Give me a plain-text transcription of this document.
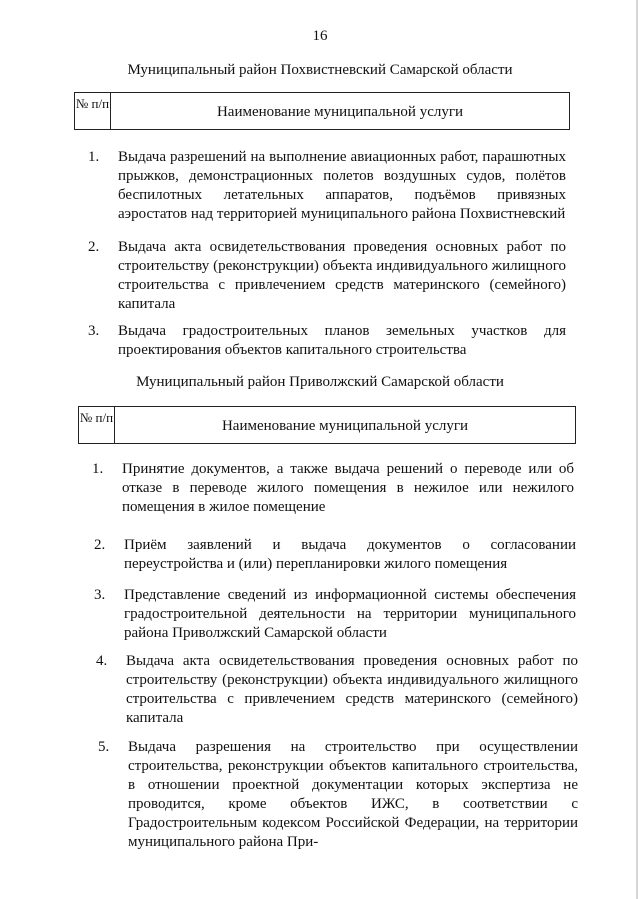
16
Муниципальный район Похвистневский Самарской области
№ п/п
Наименование муниципальной услуги
1.	Выдача разрешений на выполнение авиационных работ, парашютных прыжков, демонстрационных полетов воздушных судов, полётов беспилотных летательных аппаратов, подъёмов привязных аэростатов над территорией муниципального района Похвистневский
2.	Выдача акта освидетельствования проведения основных работ по строительству (реконструкции) объекта индивидуального жилищного строительства с привлечением средств материнского (семейного) капитала
3.	Выдача градостроительных планов земельных участков для проектирования объектов капитального строительства
Муниципальный район Приволжский Самарской области
№ п/п
Наименование муниципальной услуги
1.	Принятие документов, а также выдача решений о переводе или об отказе в переводе жилого помещения в нежилое или нежилого помещения в жилое помещение
2.	Приём заявлений и выдача документов о согласовании переустройства и (или) перепланировки жилого помещения
3.	Представление сведений из информационной системы обеспечения градостроительной деятельности на территории муниципального района Приволжский Самарской области
4.	Выдача акта освидетельствования проведения основных работ по строительству (реконструкции) объекта индивидуального жилищного строительства с привлечением средств материнского (семейного) капитала
5.	Выдача разрешения на строительство при осуществлении строительства, реконструкции объектов капитального строительства, в отношении проектной документации которых экспертиза не проводится, кроме объектов ИЖС, в соответствии с Градостроительным кодексом Российской Федерации, на территории муниципального района При-
